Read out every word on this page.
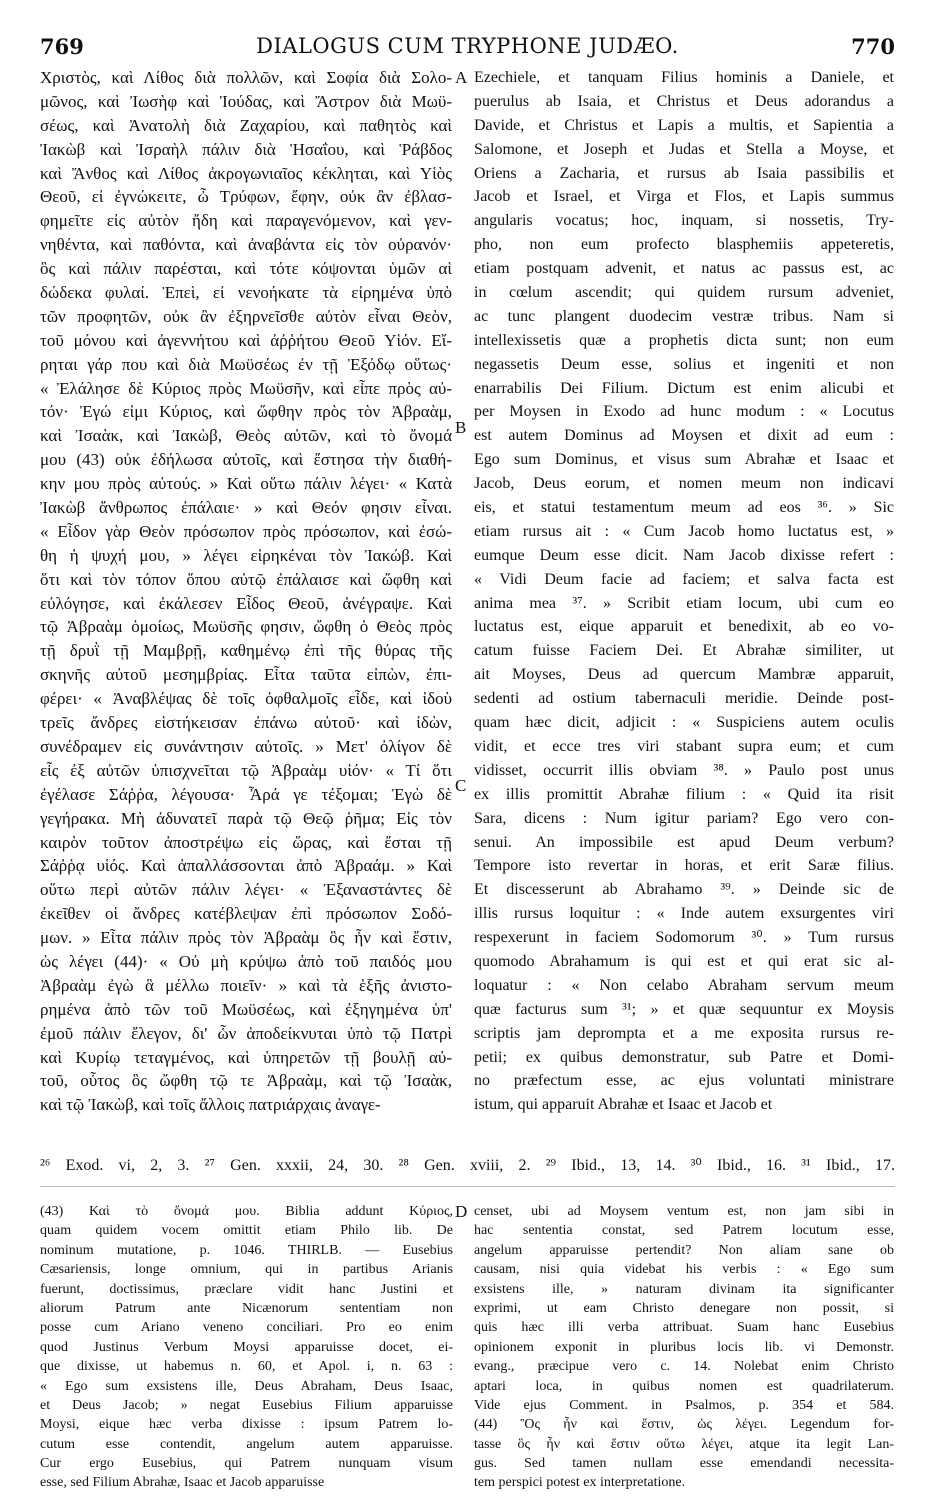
769	DIALOGUS CUM TRYPHONE JUDÆO.	770
Χριστὸς, καὶ Λίθος διὰ πολλῶν, καὶ Σοφία διὰ Σολο-
μῶνος, καὶ Ἰωσὴφ καὶ Ἰούδας, καὶ Ἄστρον διὰ Μωϋ-
σέως, καὶ Ἀνατολὴ διὰ Ζαχαρίου, καὶ παθητὸς καὶ
Ἰακὼβ καὶ Ἰσραὴλ πάλιν διὰ Ἡσαΐου, καὶ Ῥάβδος
καὶ Ἄνθος καὶ Λίθος ἀκρογωνιαῖος κέκληται, καὶ Υἱὸς
Θεοῦ, εἰ ἐγνώκειτε, ὦ Τρύφων, ἔφην, οὐκ ἂν ἐβλασ-
φημεῖτε εἰς αὐτὸν ἤδη καὶ παραγενόμενον, καὶ γεν-
νηθέντα, καὶ παθόντα, καὶ ἀναβάντα εἰς τὸν οὐρανόν·
ὃς καὶ πάλιν παρέσται, καὶ τότε κόψονται ὑμῶν αἱ
δώδεκα φυλαί. Ἐπεὶ, εἰ νενοήκατε τὰ εἰρημένα ὑπὸ
τῶν προφητῶν, οὐκ ἂν ἐξηρνεῖσθε αὐτὸν εἶναι Θεὸν,
τοῦ μόνου καὶ ἀγεννήτου καὶ ἀῤῥήτου Θεοῦ Υἱόν. Εἴ-
ρηται γάρ που καὶ διὰ Μωϋσέως ἐν τῇ Ἐξόδῳ οὕτως·
« Ἐλάλησε δὲ Κύριος πρὸς Μωϋσῆν, καὶ εἶπε πρὸς αὐ-
τόν· Ἐγώ εἰμι Κύριος, καὶ ὤφθην πρὸς τὸν Ἀβραὰμ,
καὶ Ἰσαὰκ, καὶ Ἰακὼβ, Θεὸς αὐτῶν, καὶ τὸ ὄνομά
μου (43) οὐκ ἐδήλωσα αὐτοῖς, καὶ ἔστησα τὴν διαθή-
κην μου πρὸς αὐτούς. » Καὶ οὕτω πάλιν λέγει· « Κατὰ
Ἰακὼβ ἄνθρωπος ἐπάλαιε· » καὶ Θεόν φησιν εἶναι.
« Εἶδον γὰρ Θεὸν πρόσωπον πρὸς πρόσωπον, καὶ ἐσώ-
θη ἡ ψυχή μου, » λέγει εἰρηκέναι τὸν Ἰακώβ. Καὶ
ὅτι καὶ τὸν τόπον ὅπου αὐτῷ ἐπάλαισε καὶ ὤφθη καὶ
εὐλόγησε, καὶ ἐκάλεσεν Εἶδος Θεοῦ, ἀνέγραψε. Καὶ
τῷ Ἀβραὰμ ὁμοίως, Μωϋσῆς φησιν, ὤφθη ὁ Θεὸς πρὸς
τῇ δρυῒ τῇ Μαμβρῇ, καθημένῳ ἐπὶ τῆς θύρας τῆς
σκηνῆς αὐτοῦ μεσημβρίας. Εἶτα ταῦτα εἰπὼν, ἐπι-
φέρει· « Ἀναβλέψας δὲ τοῖς ὀφθαλμοῖς εἶδε, καὶ ἰδοὺ
τρεῖς ἄνδρες εἱστήκεισαν ἐπάνω αὐτοῦ· καὶ ἰδὼν,
συνέδραμεν εἰς συνάντησιν αὐτοῖς. » Μετ' ὀλίγον δὲ
εἷς ἐξ αὐτῶν ὑπισχνεῖται τῷ Ἀβραὰμ υἱόν· « Τί ὅτι
ἐγέλασε Σάῤῥα, λέγουσα· Ἆρά γε τέξομαι; Ἐγὼ δὲ
γεγήρακα. Μὴ ἀδυνατεῖ παρὰ τῷ Θεῷ ῥῆμα; Εἰς τὸν
καιρὸν τοῦτον ἀποστρέψω εἰς ὥρας, καὶ ἔσται τῇ
Σάῤῥᾳ υἱός. Καὶ ἀπαλλάσσονται ἀπὸ Ἀβραάμ. » Καὶ
οὕτω περὶ αὐτῶν πάλιν λέγει· « Ἐξαναστάντες δὲ
ἐκεῖθεν οἱ ἄνδρες κατέβλεψαν ἐπὶ πρόσωπον Σοδό-
μων. » Εἶτα πάλιν πρὸς τὸν Ἀβραὰμ ὃς ἦν καὶ ἔστιν,
ὡς λέγει (44)· « Οὐ μὴ κρύψω ἀπὸ τοῦ παιδός μου
Ἀβραὰμ ἐγὼ ἃ μέλλω ποιεῖν· » καὶ τὰ ἑξῆς ἀνιστο-
ρημένα ἀπὸ τῶν τοῦ Μωϋσέως, καὶ ἐξηγημένα ὑπ'
ἐμοῦ πάλιν ἔλεγον, δι' ὧν ἀποδείκνυται ὑπὸ τῷ Πατρὶ
καὶ Κυρίῳ τεταγμένος, καὶ ὑπηρετῶν τῇ βουλῇ αὐ-
τοῦ, οὗτος ὃς ὤφθη τῷ τε Ἀβραὰμ, καὶ τῷ Ἰσαὰκ,
καὶ τῷ Ἰακὼβ, καὶ τοῖς ἄλλοις πατριάρχαις ἀναγε-
Ezechiele, et tanquam Filius hominis a Daniele, et
puerulus ab Isaia, et Christus et Deus adorandus a
Davide, et Christus et Lapis a multis, et Sapientia a
Salomone, et Joseph et Judas et Stella a Moyse, et
Oriens a Zacharia, et rursus ab Isaia passibilis et
Jacob et Israel, et Virga et Flos, et Lapis summus
angularis vocatus; hoc, inquam, si nossetis, Try-
pho, non eum profecto blasphemiis appeteretis,
etiam postquam advenit, et natus ac passus est, ac
in cœlum ascendit; qui quidem rursum adveniet,
ac tunc plangent duodecim vestræ tribus. Nam si
intellexissetis quæ a prophetis dicta sunt; non eum
negassetis Deum esse, solius et ingeniti et non
enarrabilis Dei Filium. Dictum est enim alicubi et
per Moysen in Exodo ad hunc modum : « Locutus
est autem Dominus ad Moysen et dixit ad eum :
Ego sum Dominus, et visus sum Abrahæ et Isaac et
Jacob, Deus eorum, et nomen meum non indicavi
eis, et statui testamentum meum ad eos ³⁶. » Sic
etiam rursus ait : « Cum Jacob homo luctatus est, »
eumque Deum esse dicit. Nam Jacob dixisse refert :
« Vidi Deum facie ad faciem; et salva facta est
anima mea ³⁷. » Scribit etiam locum, ubi cum eo
luctatus est, eique apparuit et benedixit, ab eo vo-
catum fuisse Faciem Dei. Et Abrahæ similiter, ut
ait Moyses, Deus ad quercum Mambræ apparuit,
sedenti ad ostium tabernaculi meridie. Deinde post-
quam hæc dicit, adjicit : « Suspiciens autem oculis
vidit, et ecce tres viri stabant supra eum; et cum
vidisset, occurrit illis obviam ³⁸. » Paulo post unus
ex illis promittit Abrahæ filium : « Quid ita risit
Sara, dicens : Num igitur pariam? Ego vero con-
senui. An impossibile est apud Deum verbum?
Tempore isto revertar in horas, et erit Saræ filius.
Et discesserunt ab Abrahamo ³⁹. » Deinde sic de
illis rursus loquitur : « Inde autem exsurgentes viri
respexerunt in faciem Sodomorum ³⁰. » Tum rursus
quomodo Abrahamum is qui est et qui erat sic al-
loquatur : « Non celabo Abraham servum meum
quæ facturus sum ³¹; » et quæ sequuntur ex Moysis
scriptis jam deprompta et a me exposita rursus re-
petii; ex quibus demonstratur, sub Patre et Domi-
no præfectum esse, ac ejus voluntati ministrare
istum, qui apparuit Abrahæ et Isaac et Jacob et
A
B
C
D
²⁶ Exod. vi, 2, 3. ²⁷ Gen. xxxii, 24, 30. ²⁸ Gen. xviii, 2. ²⁹ Ibid., 13, 14. ³⁰ Ibid., 16. ³¹ Ibid., 17.
(43) Καὶ τὸ ὄνομά μου. Biblia addunt Κύριος,
quam quidem vocem omittit etiam Philo lib. De
nominum mutatione, p. 1046. THIRLB. — Eusebius
Cæsariensis, longe omnium, qui in partibus Arianis
fuerunt, doctissimus, præclare vidit hanc Justini et
aliorum Patrum ante Nicænorum sententiam non
posse cum Ariano veneno conciliari. Pro eo enim
quod Justinus Verbum Moysi apparuisse docet, ei-
que dixisse, ut habemus n. 60, et Apol. i, n. 63 :
« Ego sum exsistens ille, Deus Abraham, Deus Isaac,
et Deus Jacob; » negat Eusebius Filium apparuisse
Moysi, eique hæc verba dixisse : ipsum Patrem lo-
cutum esse contendit, angelum autem apparuisse.
Cur ergo Eusebius, qui Patrem nunquam visum
esse, sed Filium Abrahæ, Isaac et Jacob apparuisse
censet, ubi ad Moysem ventum est, non jam sibi in
hac sententia constat, sed Patrem locutum esse,
angelum apparuisse pertendit? Non aliam sane ob
causam, nisi quia videbat his verbis : « Ego sum
exsistens ille, » naturam divinam ita significanter
exprimi, ut eam Christo denegare non possit, si
quis hæc illi verba attribuat. Suam hanc Eusebius
opinionem exponit in pluribus locis lib. vi Demonstr.
evang., præcipue vero c. 14. Nolebat enim Christo
aptari loca, in quibus nomen est quadrilaterum.
Vide ejus Comment. in Psalmos, p. 354 et 584.
(44) Ὃς ἦν καὶ ἔστιν, ὡς λέγει. Legendum for-
tasse ὃς ἦν καὶ ἔστιν οὕτω λέγει, atque ita legit Lan-
gus. Sed tamen nullam esse emendandi necessita-
tem perspici potest ex interpretatione.
